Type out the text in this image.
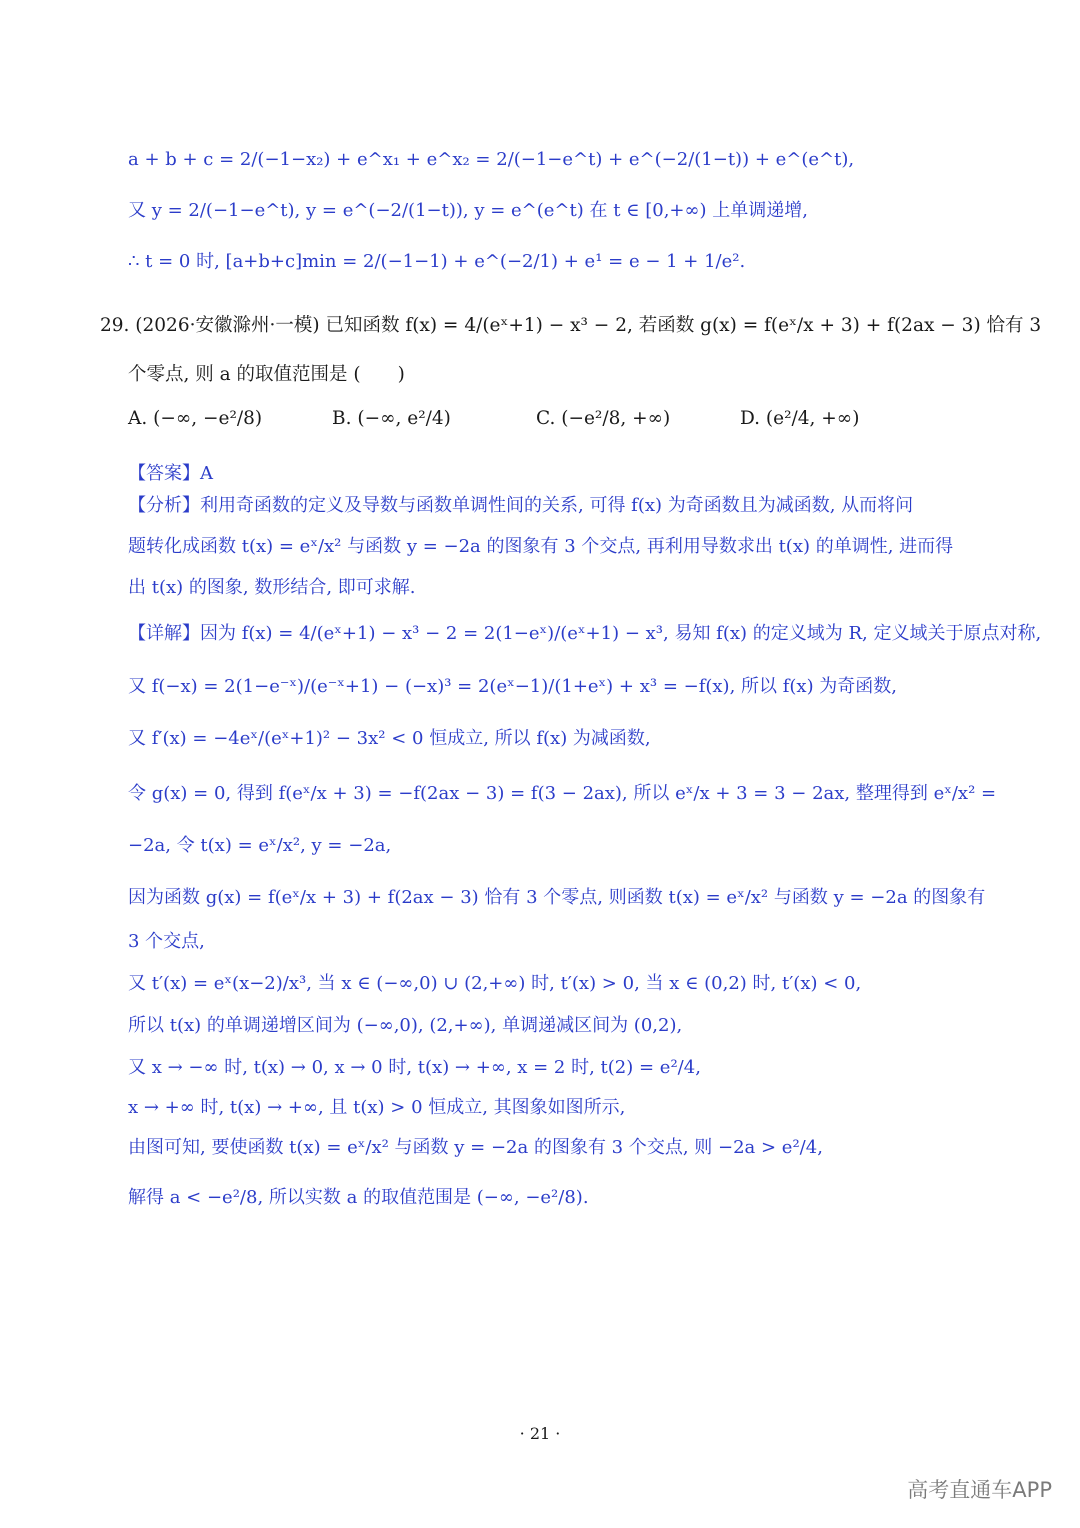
a + b + c = 2/(−1−x₂) + e^x₁ + e^x₂ = 2/(−1−e^t) + e^(−2/(1−t)) + e^(e^t),
又 y = 2/(−1−e^t), y = e^(−2/(1−t)), y = e^(e^t) 在 t ∈ [0,+∞) 上单调递增,
∴ t = 0 时, [a+b+c]min = 2/(−1−1) + e^(−2/1) + e¹ = e − 1 + 1/e².
29. (2026·安徽滁州·一模) 已知函数 f(x) = 4/(eˣ+1) − x³ − 2, 若函数 g(x) = f(eˣ/x + 3) + f(2ax − 3) 恰有 3
个零点, 则 a 的取值范围是 (　　)
A. (−∞, −e²/8)	B. (−∞, e²/4)	C. (−e²/8, +∞)	D. (e²/4, +∞)
【答案】A
【分析】利用奇函数的定义及导数与函数单调性间的关系, 可得 f(x) 为奇函数且为减函数, 从而将问
题转化成函数 t(x) = eˣ/x² 与函数 y = −2a 的图象有 3 个交点, 再利用导数求出 t(x) 的单调性, 进而得
出 t(x) 的图象, 数形结合, 即可求解.
【详解】因为 f(x) = 4/(eˣ+1) − x³ − 2 = 2(1−eˣ)/(eˣ+1) − x³, 易知 f(x) 的定义域为 R, 定义域关于原点对称,
又 f(−x) = 2(1−e⁻ˣ)/(e⁻ˣ+1) − (−x)³ = 2(eˣ−1)/(1+eˣ) + x³ = −f(x), 所以 f(x) 为奇函数,
又 f′(x) = −4eˣ/(eˣ+1)² − 3x² < 0 恒成立, 所以 f(x) 为减函数,
令 g(x) = 0, 得到 f(eˣ/x + 3) = −f(2ax − 3) = f(3 − 2ax), 所以 eˣ/x + 3 = 3 − 2ax, 整理得到 eˣ/x² =
−2a, 令 t(x) = eˣ/x², y = −2a,
因为函数 g(x) = f(eˣ/x + 3) + f(2ax − 3) 恰有 3 个零点, 则函数 t(x) = eˣ/x² 与函数 y = −2a 的图象有
3 个交点,
又 t′(x) = eˣ(x−2)/x³, 当 x ∈ (−∞,0) ∪ (2,+∞) 时, t′(x) > 0, 当 x ∈ (0,2) 时, t′(x) < 0,
所以 t(x) 的单调递增区间为 (−∞,0), (2,+∞), 单调递减区间为 (0,2),
又 x → −∞ 时, t(x) → 0, x → 0 时, t(x) → +∞, x = 2 时, t(2) = e²/4,
x → +∞ 时, t(x) → +∞, 且 t(x) > 0 恒成立, 其图象如图所示,
由图可知, 要使函数 t(x) = eˣ/x² 与函数 y = −2a 的图象有 3 个交点, 则 −2a > e²/4,
解得 a < −e²/8, 所以实数 a 的取值范围是 (−∞, −e²/8).
· 21 ·
高考直通车APP
